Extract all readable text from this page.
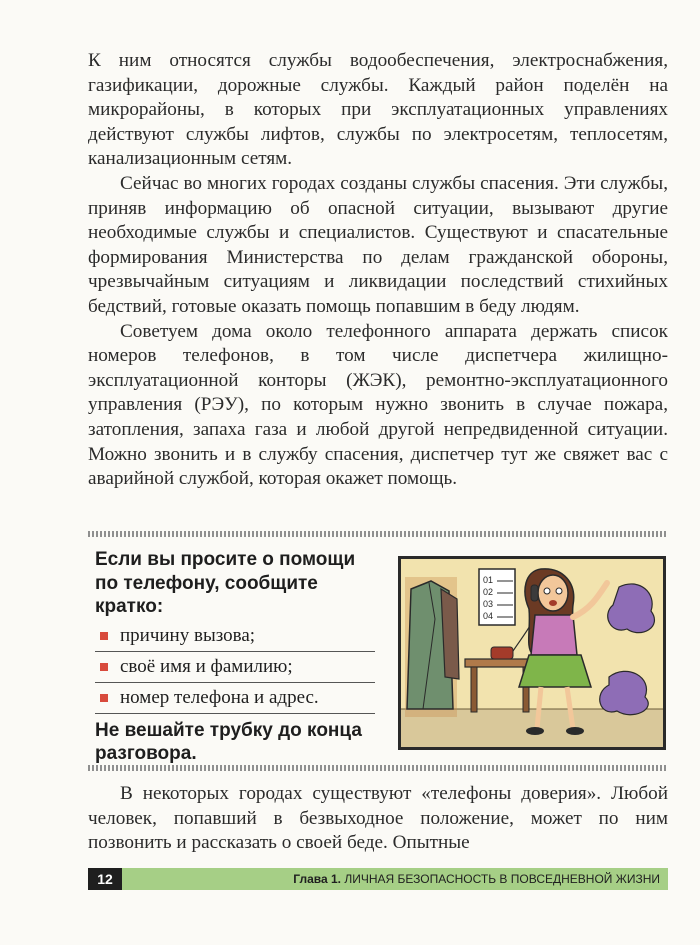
К ним относятся службы водообеспечения, электроснабжения, газификации, дорожные службы. Каждый район поделён на микрорайоны, в которых при эксплуатационных управлениях действуют службы лифтов, службы по электросетям, теплосетям, канализационным сетям.

Сейчас во многих городах созданы службы спасения. Эти службы, приняв информацию об опасной ситуации, вызывают другие необходимые службы и специалистов. Существуют и спасательные формирования Министерства по делам гражданской обороны, чрезвычайным ситуациям и ликвидации последствий стихийных бедствий, готовые оказать помощь попавшим в беду людям.

Советуем дома около телефонного аппарата держать список номеров телефонов, в том числе диспетчера жилищно-эксплуатационной конторы (ЖЭК), ремонтно-эксплуатационного управления (РЭУ), по которым нужно звонить в случае пожара, затопления, запаха газа и любой другой непредвиденной ситуации. Можно звонить и в службу спасения, диспетчер тут же свяжет вас с аварийной службой, которая окажет помощь.

Если вы просите о помощи по телефону, сообщите кратко:
причину вызова;
своё имя и фамилию;
номер телефона и адрес.
Не вешайте трубку до конца разговора.
01
02
03
04

В некоторых городах существуют «телефоны доверия». Любой человек, попавший в безвыходное положение, может по ним позвонить и рассказать о своей беде. Опытные

12	Глава 1. ЛИЧНАЯ БЕЗОПАСНОСТЬ В ПОВСЕДНЕВНОЙ ЖИЗНИ
